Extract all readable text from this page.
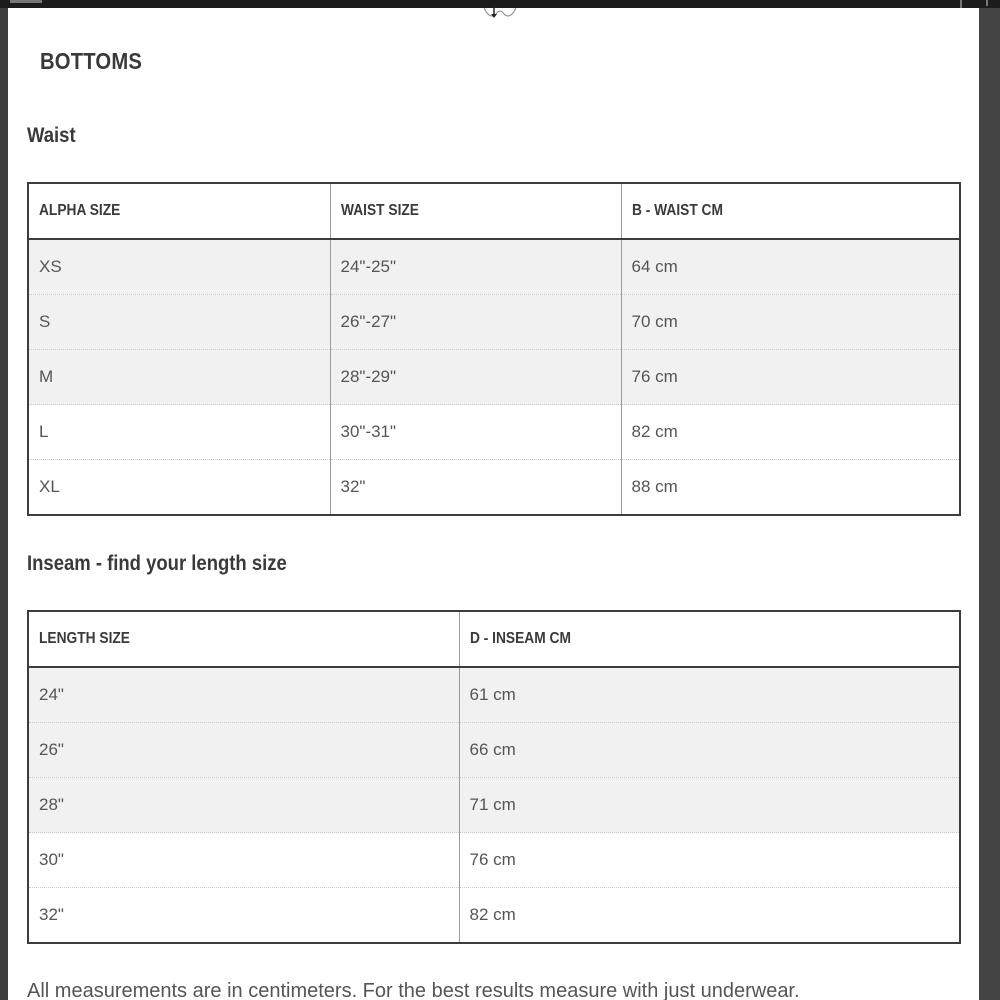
BOTTOMS
Waist
ALPHA SIZE	WAIST SIZE	B - WAIST CM
XS	24"-25"	64 cm
S	26"-27"	70 cm
M	28"-29"	76 cm
L	30"-31"	82 cm
XL	32"	88 cm
Inseam - find your length size
LENGTH SIZE	D - INSEAM CM
24"	61 cm
26"	66 cm
28"	71 cm
30"	76 cm
32"	82 cm

All measurements are in centimeters. For the best results measure with just underwear.
